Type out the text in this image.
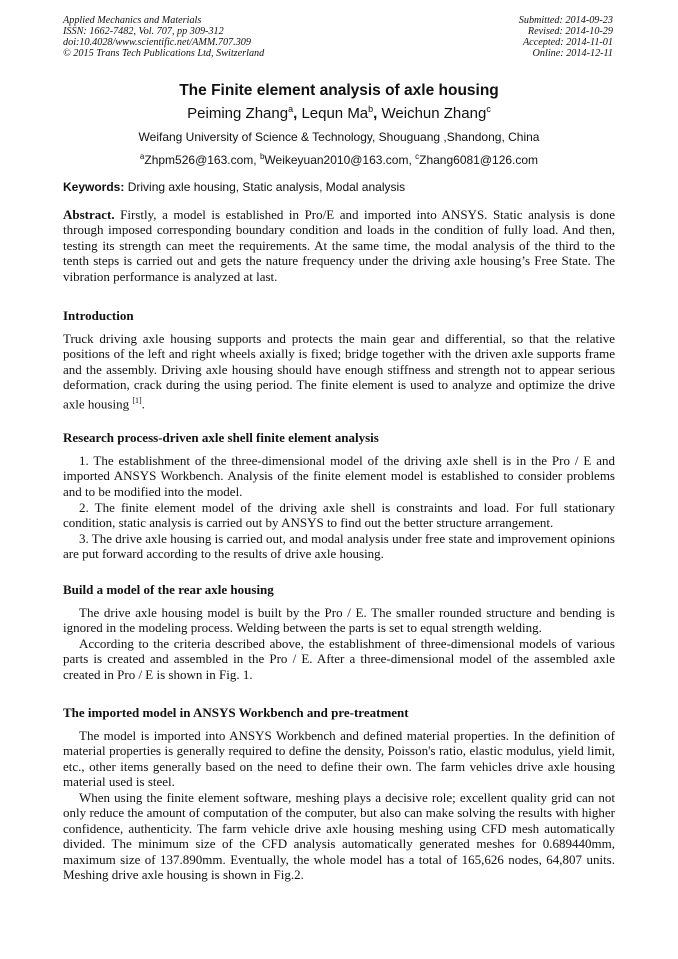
Applied Mechanics and Materials
ISSN: 1662-7482, Vol. 707, pp 309-312
doi:10.4028/www.scientific.net/AMM.707.309
© 2015 Trans Tech Publications Ltd, Switzerland
Submitted: 2014-09-23
Revised: 2014-10-29
Accepted: 2014-11-01
Online: 2014-12-11
The Finite element analysis of axle housing
Peiming Zhang$^a$, Lequn Ma$^b$, Weichun Zhang$^c$
Weifang University of Science & Technology, Shouguang ,Shandong, China
$^a$Zhpm526@163.com, $^b$Weikeyuan2010@163.com, $^c$Zhang6081@126.com
Keywords: Driving axle housing, Static analysis, Modal analysis

Abstract. Firstly, a model is established in Pro/E and imported into ANSYS. Static analysis is done through imposed corresponding boundary condition and loads in the condition of fully load. And then, testing its strength can meet the requirements. At the same time, the modal analysis of the third to the tenth steps is carried out and gets the nature frequency under the driving axle housing’s Free State. The vibration performance is analyzed at last.

Introduction

Truck driving axle housing supports and protects the main gear and differential, so that the relative positions of the left and right wheels axially is fixed; bridge together with the driven axle supports frame and the assembly. Driving axle housing should have enough stiffness and strength not to appear serious deformation, crack during the using period. The finite element is used to analyze and optimize the drive axle housing [1].

Research process-driven axle shell finite element analysis

1. The establishment of the three-dimensional model of the driving axle shell is in the Pro / E and imported ANSYS Workbench. Analysis of the finite element model is established to consider problems and to be modified into the model.

2. The finite element model of the driving axle shell is constraints and load. For full stationary condition, static analysis is carried out by ANSYS to find out the better structure arrangement.

3. The drive axle housing is carried out, and modal analysis under free state and improvement opinions are put forward according to the results of drive axle housing.

Build a model of the rear axle housing

The drive axle housing model is built by the Pro / E. The smaller rounded structure and bending is ignored in the modeling process. Welding between the parts is set to equal strength welding.

According to the criteria described above, the establishment of three-dimensional models of various parts is created and assembled in the Pro / E. After a three-dimensional model of the assembled axle created in Pro / E is shown in Fig. 1.

The imported model in ANSYS Workbench and pre-treatment

The model is imported into ANSYS Workbench and defined material properties. In the definition of material properties is generally required to define the density, Poisson's ratio, elastic modulus, yield limit, etc., other items generally based on the need to define their own. The farm vehicles drive axle housing material used is steel.

When using the finite element software, meshing plays a decisive role; excellent quality grid can not only reduce the amount of computation of the computer, but also can make solving the results with higher confidence, authenticity. The farm vehicle drive axle housing meshing using CFD mesh automatically divided. The minimum size of the CFD analysis automatically generated meshes for 0.689440mm, maximum size of 137.890mm. Eventually, the whole model has a total of 165,626 nodes, 64,807 units. Meshing drive axle housing is shown in Fig.2.
